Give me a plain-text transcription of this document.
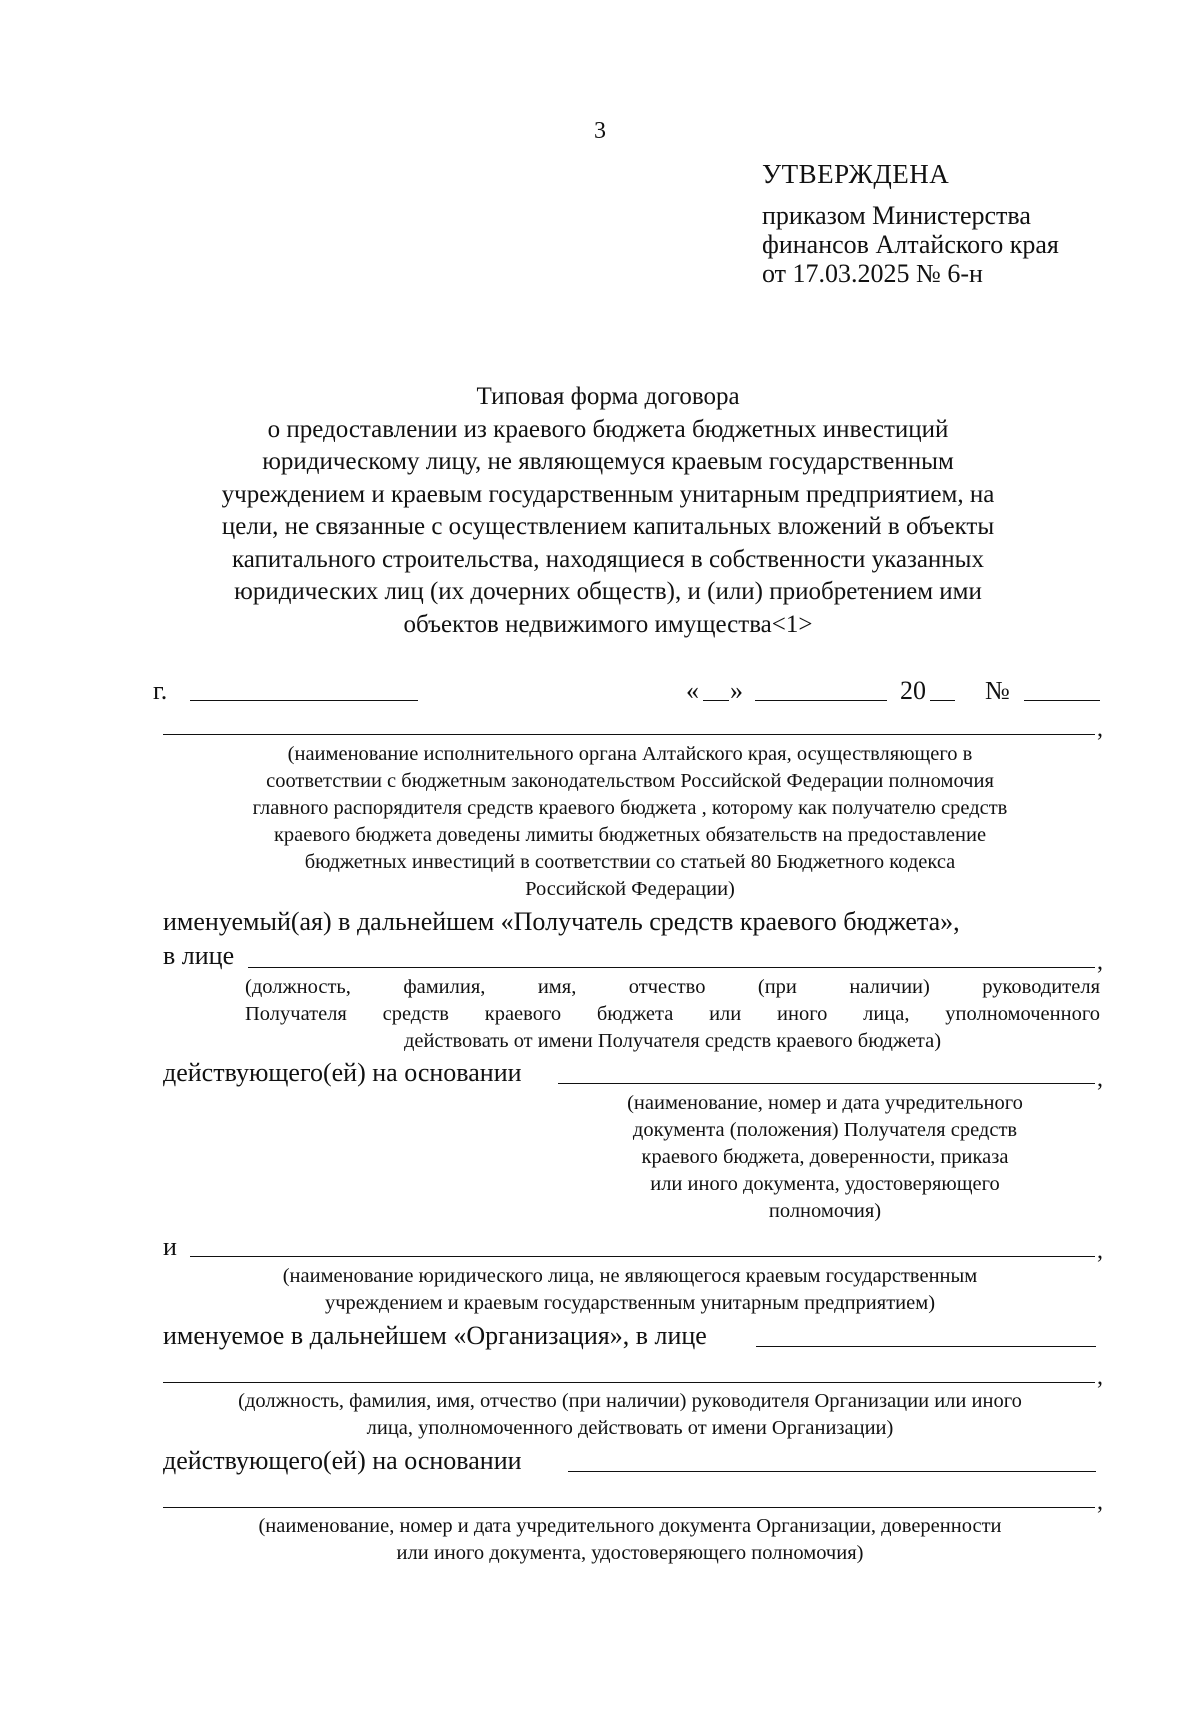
3
УТВЕРЖДЕНА
приказом Министерства
финансов Алтайского края
от 17.03.2025 № 6-н
Типовая форма договора
о предоставлении из краевого бюджета бюджетных инвестиций
юридическому лицу, не являющемуся краевым государственным
учреждением и краевым государственным унитарным предприятием, на
цели, не связанные с осуществлением капитальных вложений в объекты
капитального строительства, находящиеся в собственности указанных
юридических лиц (их дочерних обществ), и (или) приобретением ими
объектов недвижимого имущества<1>
г.	« »	20 №
,
(наименование исполнительного органа Алтайского края, осуществляющего в
соответствии с бюджетным законодательством Российской Федерации полномочия
главного распорядителя средств краевого бюджета , которому как получателю средств
краевого бюджета доведены лимиты бюджетных обязательств на предоставление
бюджетных инвестиций в соответствии со статьей 80 Бюджетного кодекса
Российской Федерации)
именуемый(ая) в дальнейшем «Получатель средств краевого бюджета»,
в лице	,
(должность, фамилия, имя, отчество (при наличии) руководителя
Получателя средств краевого бюджета или иного лица, уполномоченного
действовать от имени Получателя средств краевого бюджета)
действующего(ей) на основании	,
(наименование, номер и дата учредительного
документа (положения) Получателя средств
краевого бюджета, доверенности, приказа
или иного документа, удостоверяющего
полномочия)
и	,
(наименование юридического лица, не являющегося краевым государственным
учреждением и краевым государственным унитарным предприятием)
именуемое в дальнейшем «Организация», в лице
,
(должность, фамилия, имя, отчество (при наличии) руководителя Организации или иного
лица, уполномоченного действовать от имени Организации)
действующего(ей) на основании
,
(наименование, номер и дата учредительного документа Организации, доверенности
или иного документа, удостоверяющего полномочия)
